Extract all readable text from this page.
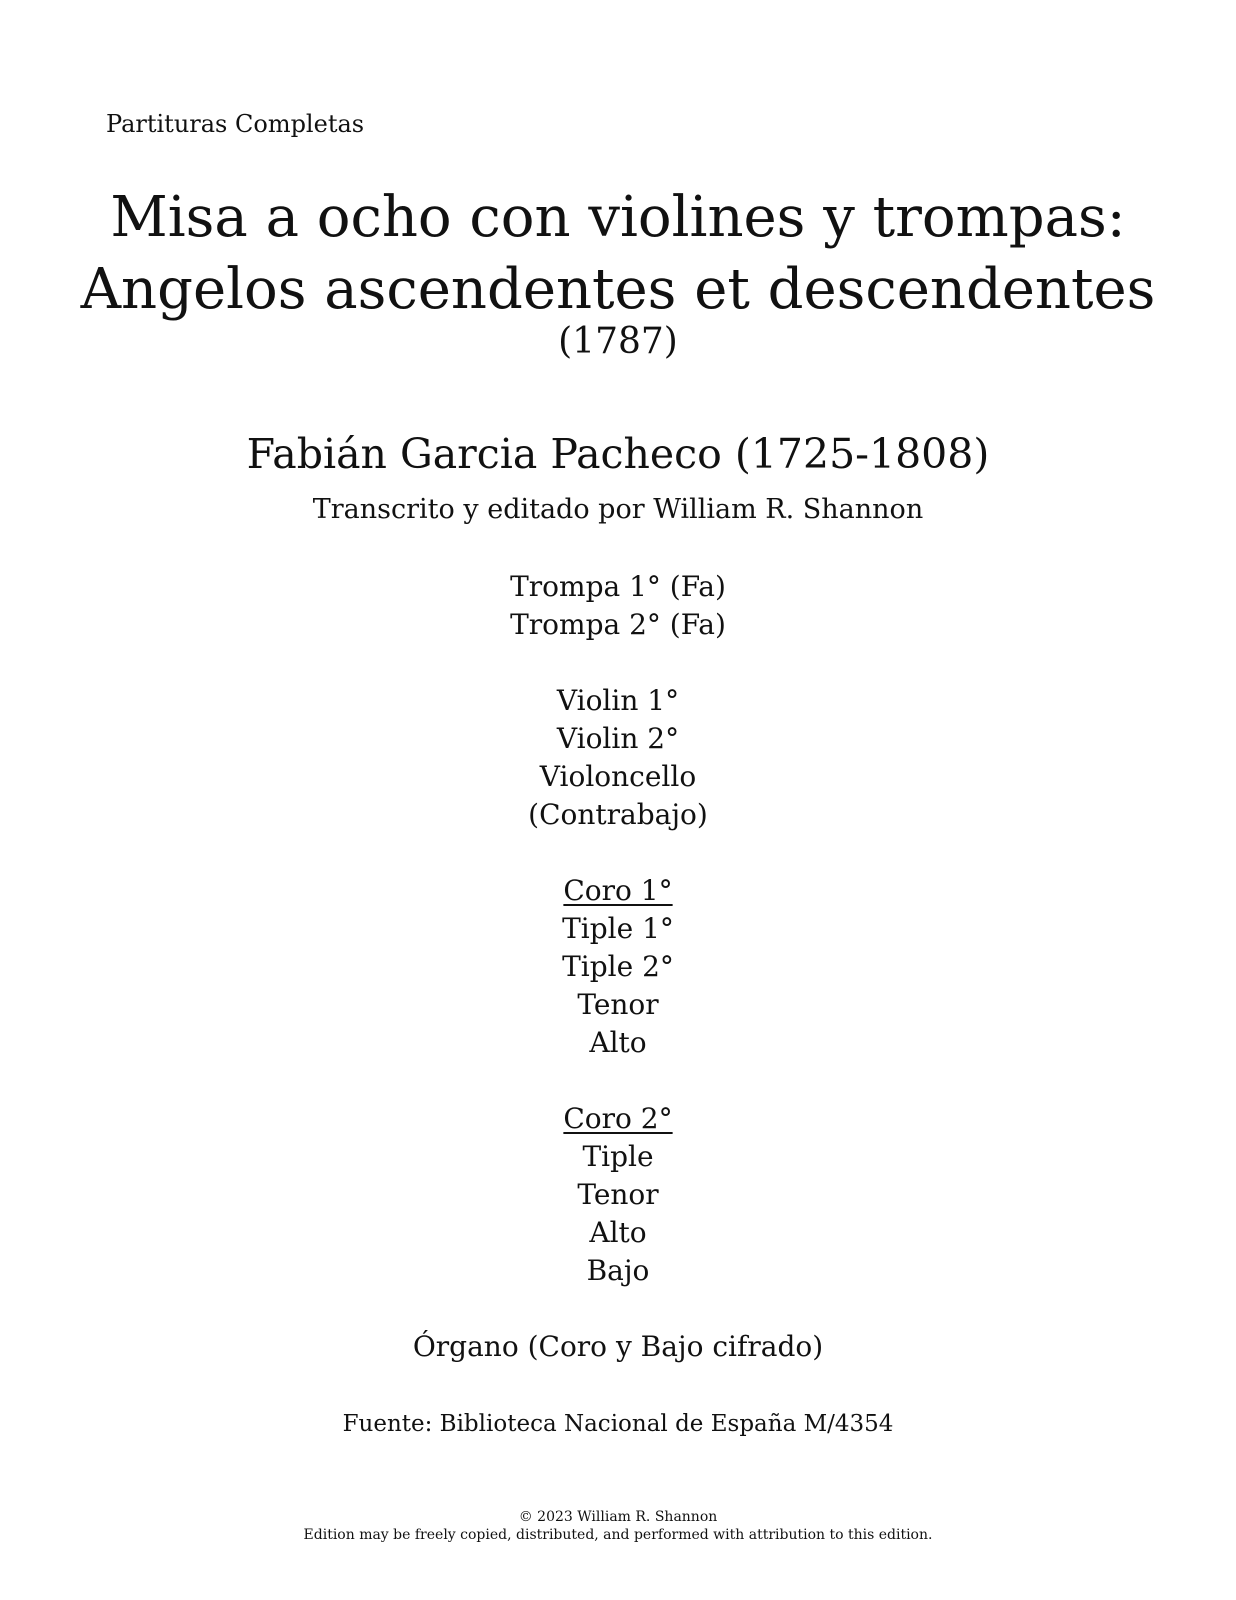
Partituras Completas
Misa a ocho con violines y trompas:
Angelos ascendentes et descendentes
(1787)
Fabián Garcia Pacheco (1725-1808)
Transcrito y editado por William R. Shannon
Trompa 1° (Fa)
Trompa 2° (Fa)
Violin 1°
Violin 2°
Violoncello
(Contrabajo)
Coro 1°
Tiple 1°
Tiple 2°
Tenor
Alto
Coro 2°
Tiple
Tenor
Alto
Bajo
Órgano (Coro y Bajo cifrado)
Fuente: Biblioteca Nacional de España M/4354
© 2023 William R. Shannon
Edition may be freely copied, distributed, and performed with attribution to this edition.
